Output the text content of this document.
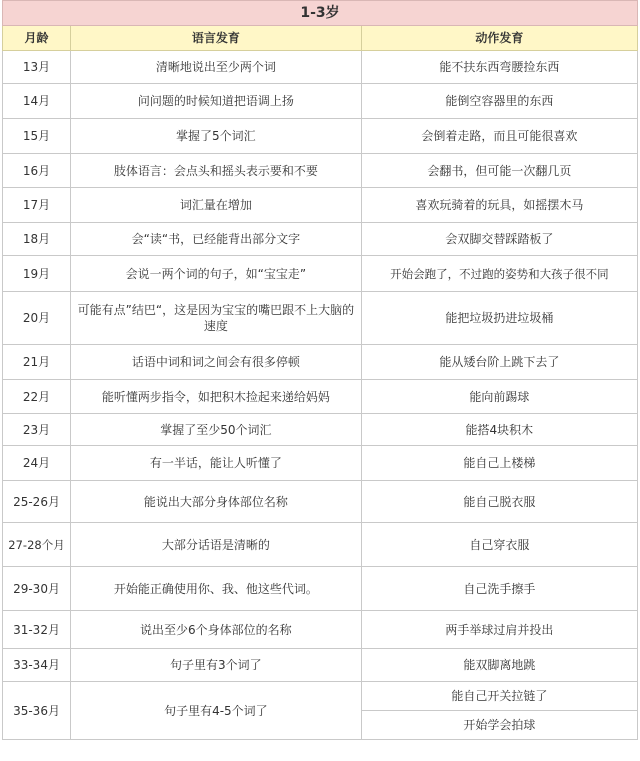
1-3岁		
月龄	语言发育	动作发育
13月	清晰地说出至少两个词	能不扶东西弯腰捡东西
14月	问问题的时候知道把语调上扬	能倒空容器里的东西
15月	掌握了5个词汇	会倒着走路，而且可能很喜欢
16月	肢体语言：会点头和摇头表示要和不要	会翻书，但可能一次翻几页
17月	词汇量在增加	喜欢玩骑着的玩具，如摇摆木马
18月	会“读“书，已经能背出部分文字	会双脚交替踩踏板了
19月	会说一两个词的句子，如“宝宝走”	开始会跑了，不过跑的姿势和大孩子很不同
20月	可能有点”结巴“，这是因为宝宝的嘴巴跟不上大脑的速度	能把垃圾扔进垃圾桶
21月	话语中词和词之间会有很多停顿	能从矮台阶上跳下去了
22月	能听懂两步指令，如把积木捡起来递给妈妈	能向前踢球
23月	掌握了至少50个词汇	能搭4块积木
24月	有一半话，能让人听懂了	能自己上楼梯
25-26月	能说出大部分身体部位名称	能自己脱衣服
27-28个月	大部分话语是清晰的	自己穿衣服
29-30月	开始能正确使用你、我、他这些代词。	自己洗手擦手
31-32月	说出至少6个身体部位的名称	两手举球过肩并投出
33-34月	句子里有3个词了	能双脚离地跳
35-36月	句子里有4-5个词了	能自己开关拉链了
		开始学会拍球
